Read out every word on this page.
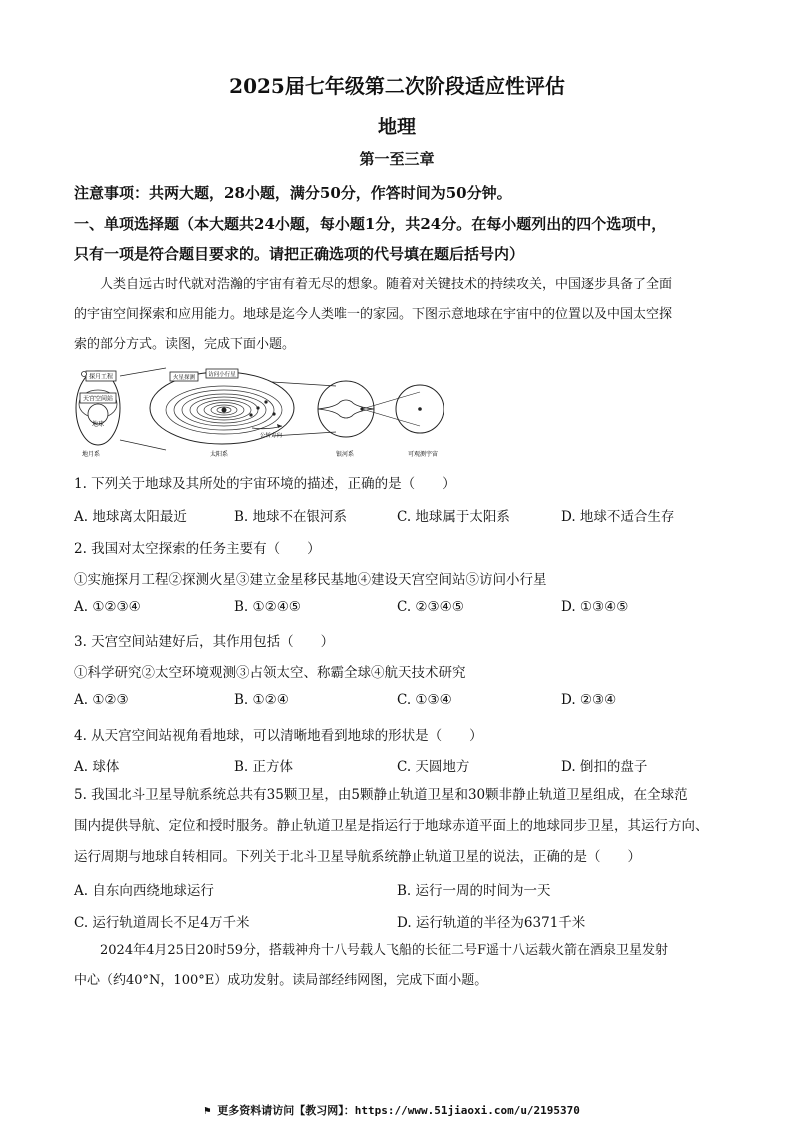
2025届七年级第二次阶段适应性评估
地理
第一至三章
注意事项：共两大题，28小题，满分50分，作答时间为50分钟。
一、单项选择题（本大题共24小题，每小题1分，共24分。在每小题列出的四个选项中，
只有一项是符合题目要求的。请把正确选项的代号填在题后括号内）
人类自远古时代就对浩瀚的宇宙有着无尽的想象。随着对关键技术的持续攻关，中国逐步具备了全面
的宇宙空间探索和应用能力。地球是迄今人类唯一的家园。下图示意地球在宇宙中的位置以及中国太空探
索的部分方式。读图，完成下面小题。
探月工程
天宫空间站
地球
火星探测 访问小行星
公转方向
地月系	太阳系	银河系	可观测宇宙
1. 下列关于地球及其所处的宇宙环境的描述，正确的是（　　）
A. 地球离太阳最近	B. 地球不在银河系	C. 地球属于太阳系	D. 地球不适合生存
2. 我国对太空探索的任务主要有（　　）
①实施探月工程②探测火星③建立金星移民基地④建设天宫空间站⑤访问小行星
A. ①②③④	B. ①②④⑤	C. ②③④⑤	D. ①③④⑤
3. 天宫空间站建好后，其作用包括（　　）
①科学研究②太空环境观测③占领太空、称霸全球④航天技术研究
A. ①②③	B. ①②④	C. ①③④	D. ②③④
4. 从天宫空间站视角看地球，可以清晰地看到地球的形状是（　　）
A. 球体	B. 正方体	C. 天圆地方	D. 倒扣的盘子
5. 我国北斗卫星导航系统总共有35颗卫星，由5颗静止轨道卫星和30颗非静止轨道卫星组成，在全球范
围内提供导航、定位和授时服务。静止轨道卫星是指运行于地球赤道平面上的地球同步卫星，其运行方向、
运行周期与地球自转相同。下列关于北斗卫星导航系统静止轨道卫星的说法，正确的是（　　）
A. 自东向西绕地球运行	B. 运行一周的时间为一天
C. 运行轨道周长不足4万千米	D. 运行轨道的半径为6371千米
2024年4月25日20时59分，搭载神舟十八号载人飞船的长征二号F遥十八运载火箭在酒泉卫星发射
中心（约40°N，100°E）成功发射。读局部经纬网图，完成下面小题。
⚑ 更多资料请访问【教习网】：https://www.51jiaoxi.com/u/2195370
